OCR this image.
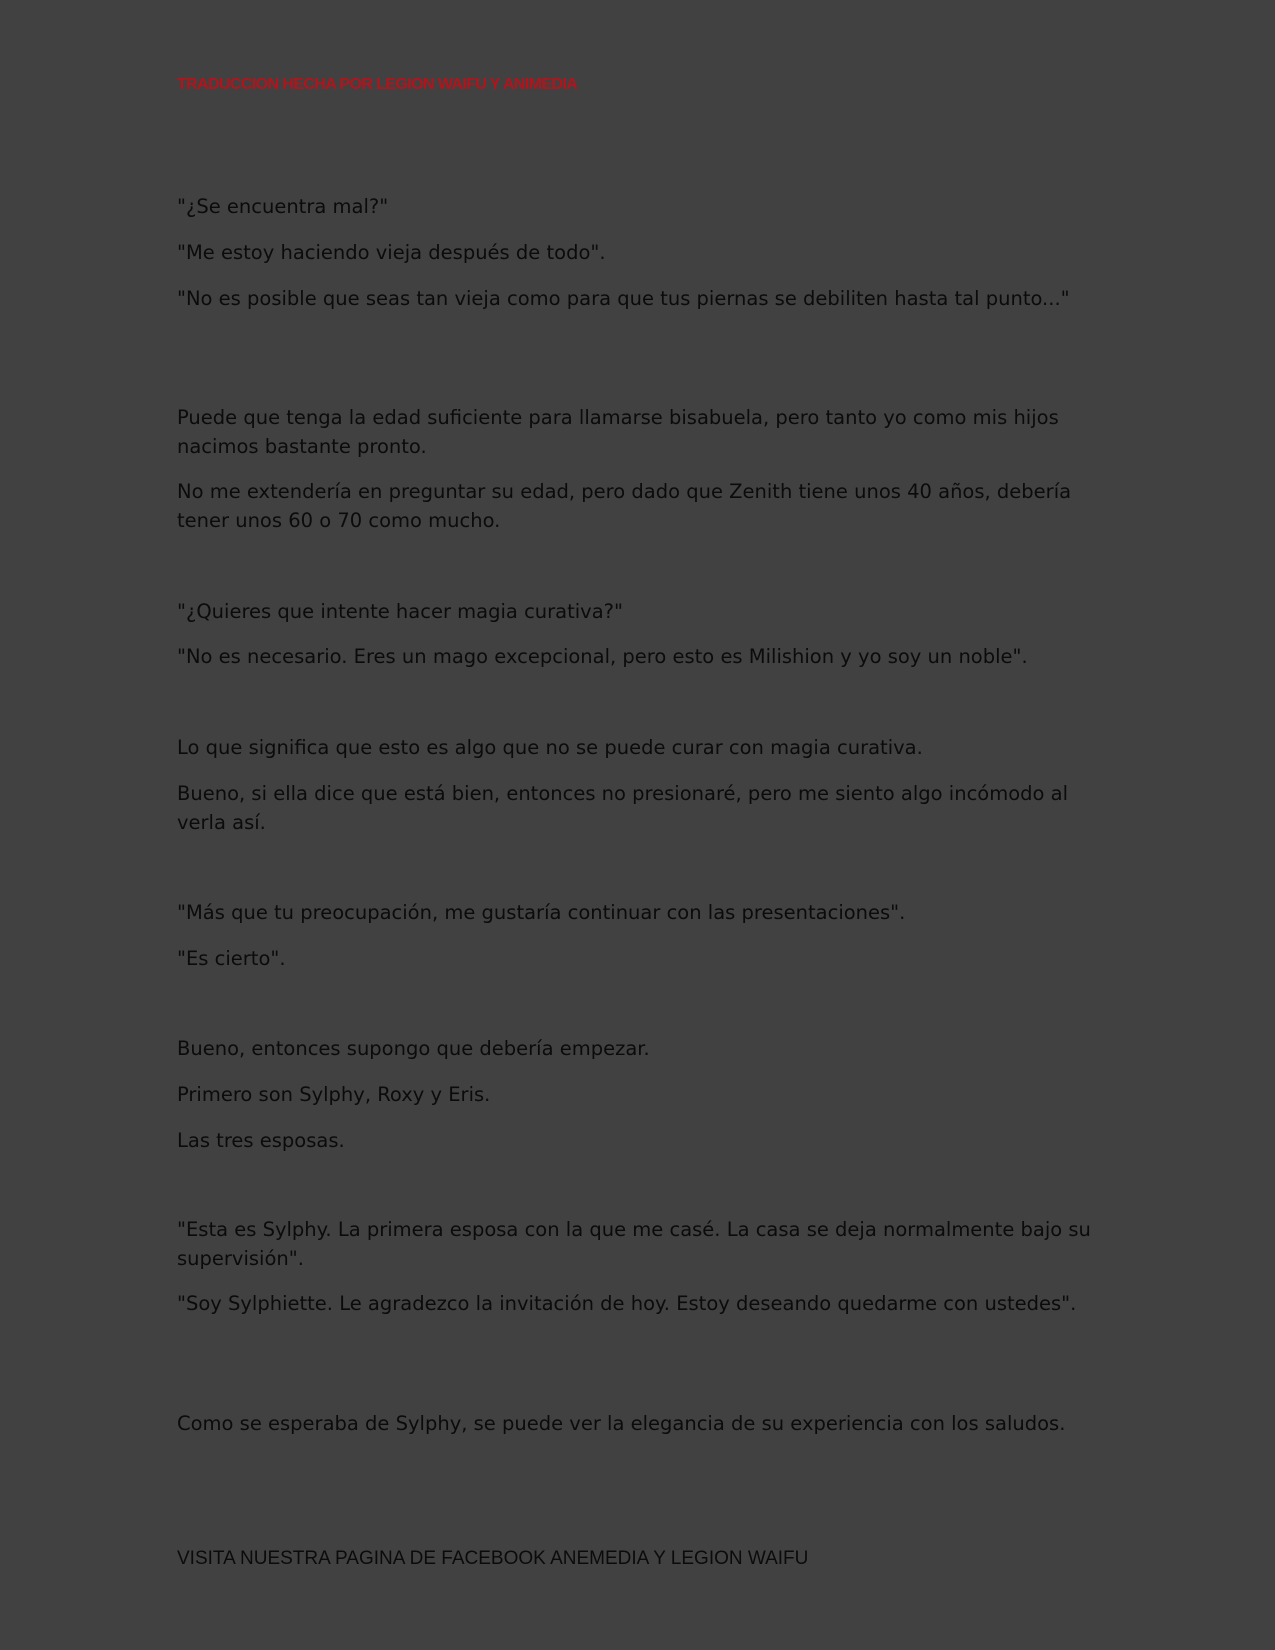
TRADUCCION HECHA POR LEGION WAIFU Y ANIMEDIA

"¿Se encuentra mal?"

"Me estoy haciendo vieja después de todo".

"No es posible que seas tan vieja como para que tus piernas se debiliten hasta tal punto..."

Puede que tenga la edad suficiente para llamarse bisabuela, pero tanto yo como mis hijos nacimos bastante pronto.

No me extendería en preguntar su edad, pero dado que Zenith tiene unos 40 años, debería tener unos 60 o 70 como mucho.

"¿Quieres que intente hacer magia curativa?"

"No es necesario. Eres un mago excepcional, pero esto es Milishion y yo soy un noble".

Lo que significa que esto es algo que no se puede curar con magia curativa.

Bueno, si ella dice que está bien, entonces no presionaré, pero me siento algo incómodo al verla así.

"Más que tu preocupación, me gustaría continuar con las presentaciones".

"Es cierto".

Bueno, entonces supongo que debería empezar.

Primero son Sylphy, Roxy y Eris.

Las tres esposas.

"Esta es Sylphy. La primera esposa con la que me casé. La casa se deja normalmente bajo su supervisión".

"Soy Sylphiette. Le agradezco la invitación de hoy. Estoy deseando quedarme con ustedes".

Como se esperaba de Sylphy, se puede ver la elegancia de su experiencia con los saludos.

VISITA NUESTRA PAGINA DE FACEBOOK ANEMEDIA Y LEGION WAIFU
